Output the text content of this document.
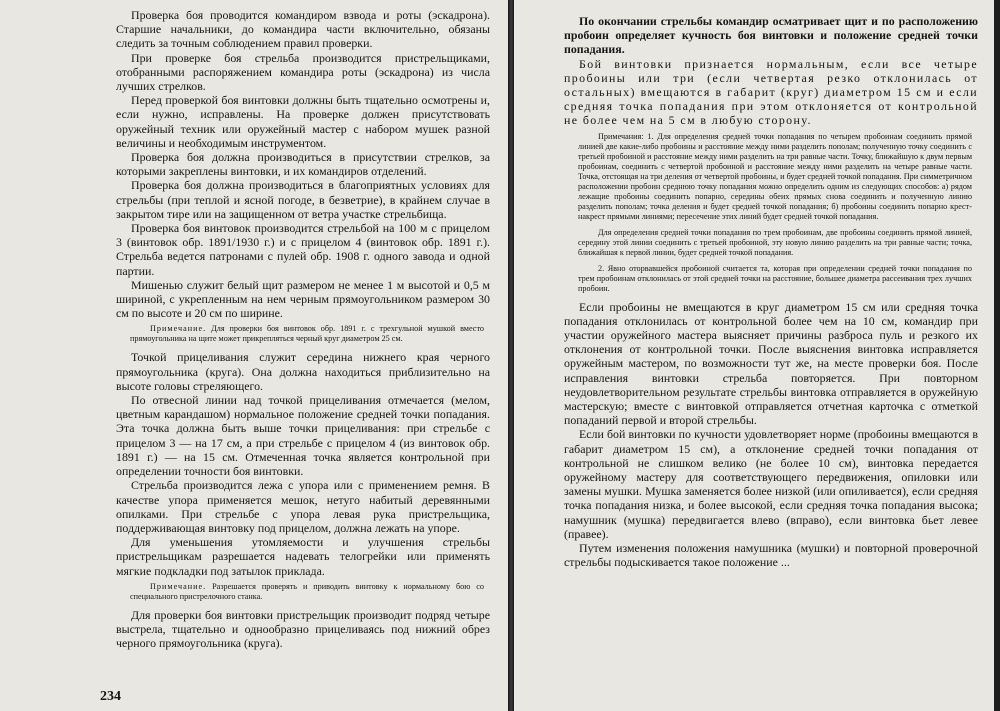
Проверка боя проводится командиром взвода и роты (эскадрона). Старшие начальники, до командира части включительно, обязаны следить за точным соблюдением правил проверки.

При проверке боя стрельба производится пристрельщиками, отобранными распоряжением командира роты (эскадрона) из числа лучших стрелков.

Перед проверкой боя винтовки должны быть тщательно осмотрены и, если нужно, исправлены. На проверке должен присутствовать оружейный техник или оружейный мастер с набором мушек разной величины и необходимым инструментом.

Проверка боя должна производиться в присутствии стрелков, за которыми закреплены винтовки, и их командиров отделений.

Проверка боя должна производиться в благоприятных условиях для стрельбы (при теплой и ясной погоде, в безветрие), в крайнем случае в закрытом тире или на защищенном от ветра участке стрельбища.

Проверка боя винтовок производится стрельбой на 100 м с прицелом 3 (винтовок обр. 1891/1930 г.) и с прицелом 4 (винтовок обр. 1891 г.). Стрельба ведется патронами с пулей обр. 1908 г. одного завода и одной партии.

Мишенью служит белый щит размером не менее 1 м высотой и 0,5 м шириной, с укрепленным на нем черным прямоугольником размером 30 см по высоте и 20 см по ширине.

Примечание. Для проверки боя винтовок обр. 1891 г. с трехгульной мушкой вместо прямоугольника на щите может прикрепляться черный круг диаметром 25 см.

Точкой прицеливания служит середина нижнего края черного прямоугольника (круга). Она должна находиться приблизительно на высоте головы стреляющего.

По отвесной линии над точкой прицеливания отмечается (мелом, цветным карандашом) нормальное положение средней точки попадания. Эта точка должна быть выше точки прицеливания: при стрельбе с прицелом 3 — на 17 см, а при стрельбе с прицелом 4 (из винтовок обр. 1891 г.) — на 15 см. Отмеченная точка является контрольной при определении точности боя винтовки.

Стрельба производится лежа с упора или с применением ремня. В качестве упора применяется мешок, нетуго набитый деревянными опилками. При стрельбе с упора левая рука пристрельщика, поддерживающая винтовку под прицелом, должна лежать на упоре.

Для уменьшения утомляемости и улучшения стрельбы пристрельщикам разрешается надевать телогрейки или применять мягкие подкладки под затылок приклада.

Примечание. Разрешается проверять и приводить винтовку к нормальному бою со специального пристрелочного станка.

Для проверки боя винтовки пристрельщик производит подряд четыре выстрела, тщательно и однообразно прицеливаясь под нижний обрез черного прямоугольника (круга).

234

По окончании стрельбы командир осматривает щит и по расположению пробоин определяет кучность боя винтовки и положение средней точки попадания.

Бой винтовки признается нормальным, если все четыре пробоины или три (если четвертая резко отклонилась от остальных) вмещаются в габарит (круг) диаметром 15 см и если средняя точка попадания при этом отклоняется от контрольной не более чем на 5 см в любую сторону.

Примечания: 1. Для определения средней точки попадания по четырем пробоинам соединить прямой линией две какие-либо пробоины и расстояние между ними разделить пополам; полученную точку соединить с третьей пробоиной и расстояние между ними разделить на три равные части. Точку, ближайшую к двум первым пробоинам, соединить с четвертой пробоиной и расстояние между ними разделить на четыре равные части. Точка, отстоящая на три деления от четвертой пробоины, и будет средней точкой попадания. При симметричном расположении пробоин среднюю точку попадания можно определить одним из следующих способов: а) рядом лежащие пробоины соединить попарно, середины обеих прямых снова соединить и полученную линию разделить пополам; точка деления и будет средней точкой попадания; б) пробоины соединить попарно крест-накрест прямыми линиями; пересечение этих линий будет средней точкой попадания.

Для определения средней точки попадания по трем пробоинам, две пробоины соединить прямой линией, середину этой линии соединить с третьей пробоиной, эту новую линию разделить на три равные части; точка, ближайшая к первой линии, будет средней точкой попадания.

2. Явно оторвавшейся пробоиной считается та, которая при определении средней точки попадания по трем пробоинам отклонилась от этой средней точки на расстояние, большее диаметра рассеивания трех лучших пробоин.

Если пробоины не вмещаются в круг диаметром 15 см или средняя точка попадания отклонилась от контрольной более чем на 10 см, командир при участии оружейного мастера выясняет причины разброса пуль и резкого их отклонения от контрольной точки. После выяснения винтовка исправляется оружейным мастером, по возможности тут же, на месте проверки боя. После исправления винтовки стрельба повторяется. При повторном неудовлетворительном результате стрельбы винтовка отправляется в оружейную мастерскую; вместе с винтовкой отправляется отчетная карточка с отметкой попаданий первой и второй стрельбы.

Если бой винтовки по кучности удовлетворяет норме (пробоины вмещаются в габарит диаметром 15 см), а отклонение средней точки попадания от контрольной не слишком велико (не более 10 см), винтовка передается оружейному мастеру для соответствующего передвижения, опиловки или замены мушки. Мушка заменяется более низкой (или опиливается), если средняя точка попадания низка, и более высокой, если средняя точка попадания высока; намушник (мушка) передвигается влево (вправо), если винтовка бьет левее (правее).

Путем изменения положения намушника (мушки) и повторной проверочной стрельбы подыскивается такое положение ...
